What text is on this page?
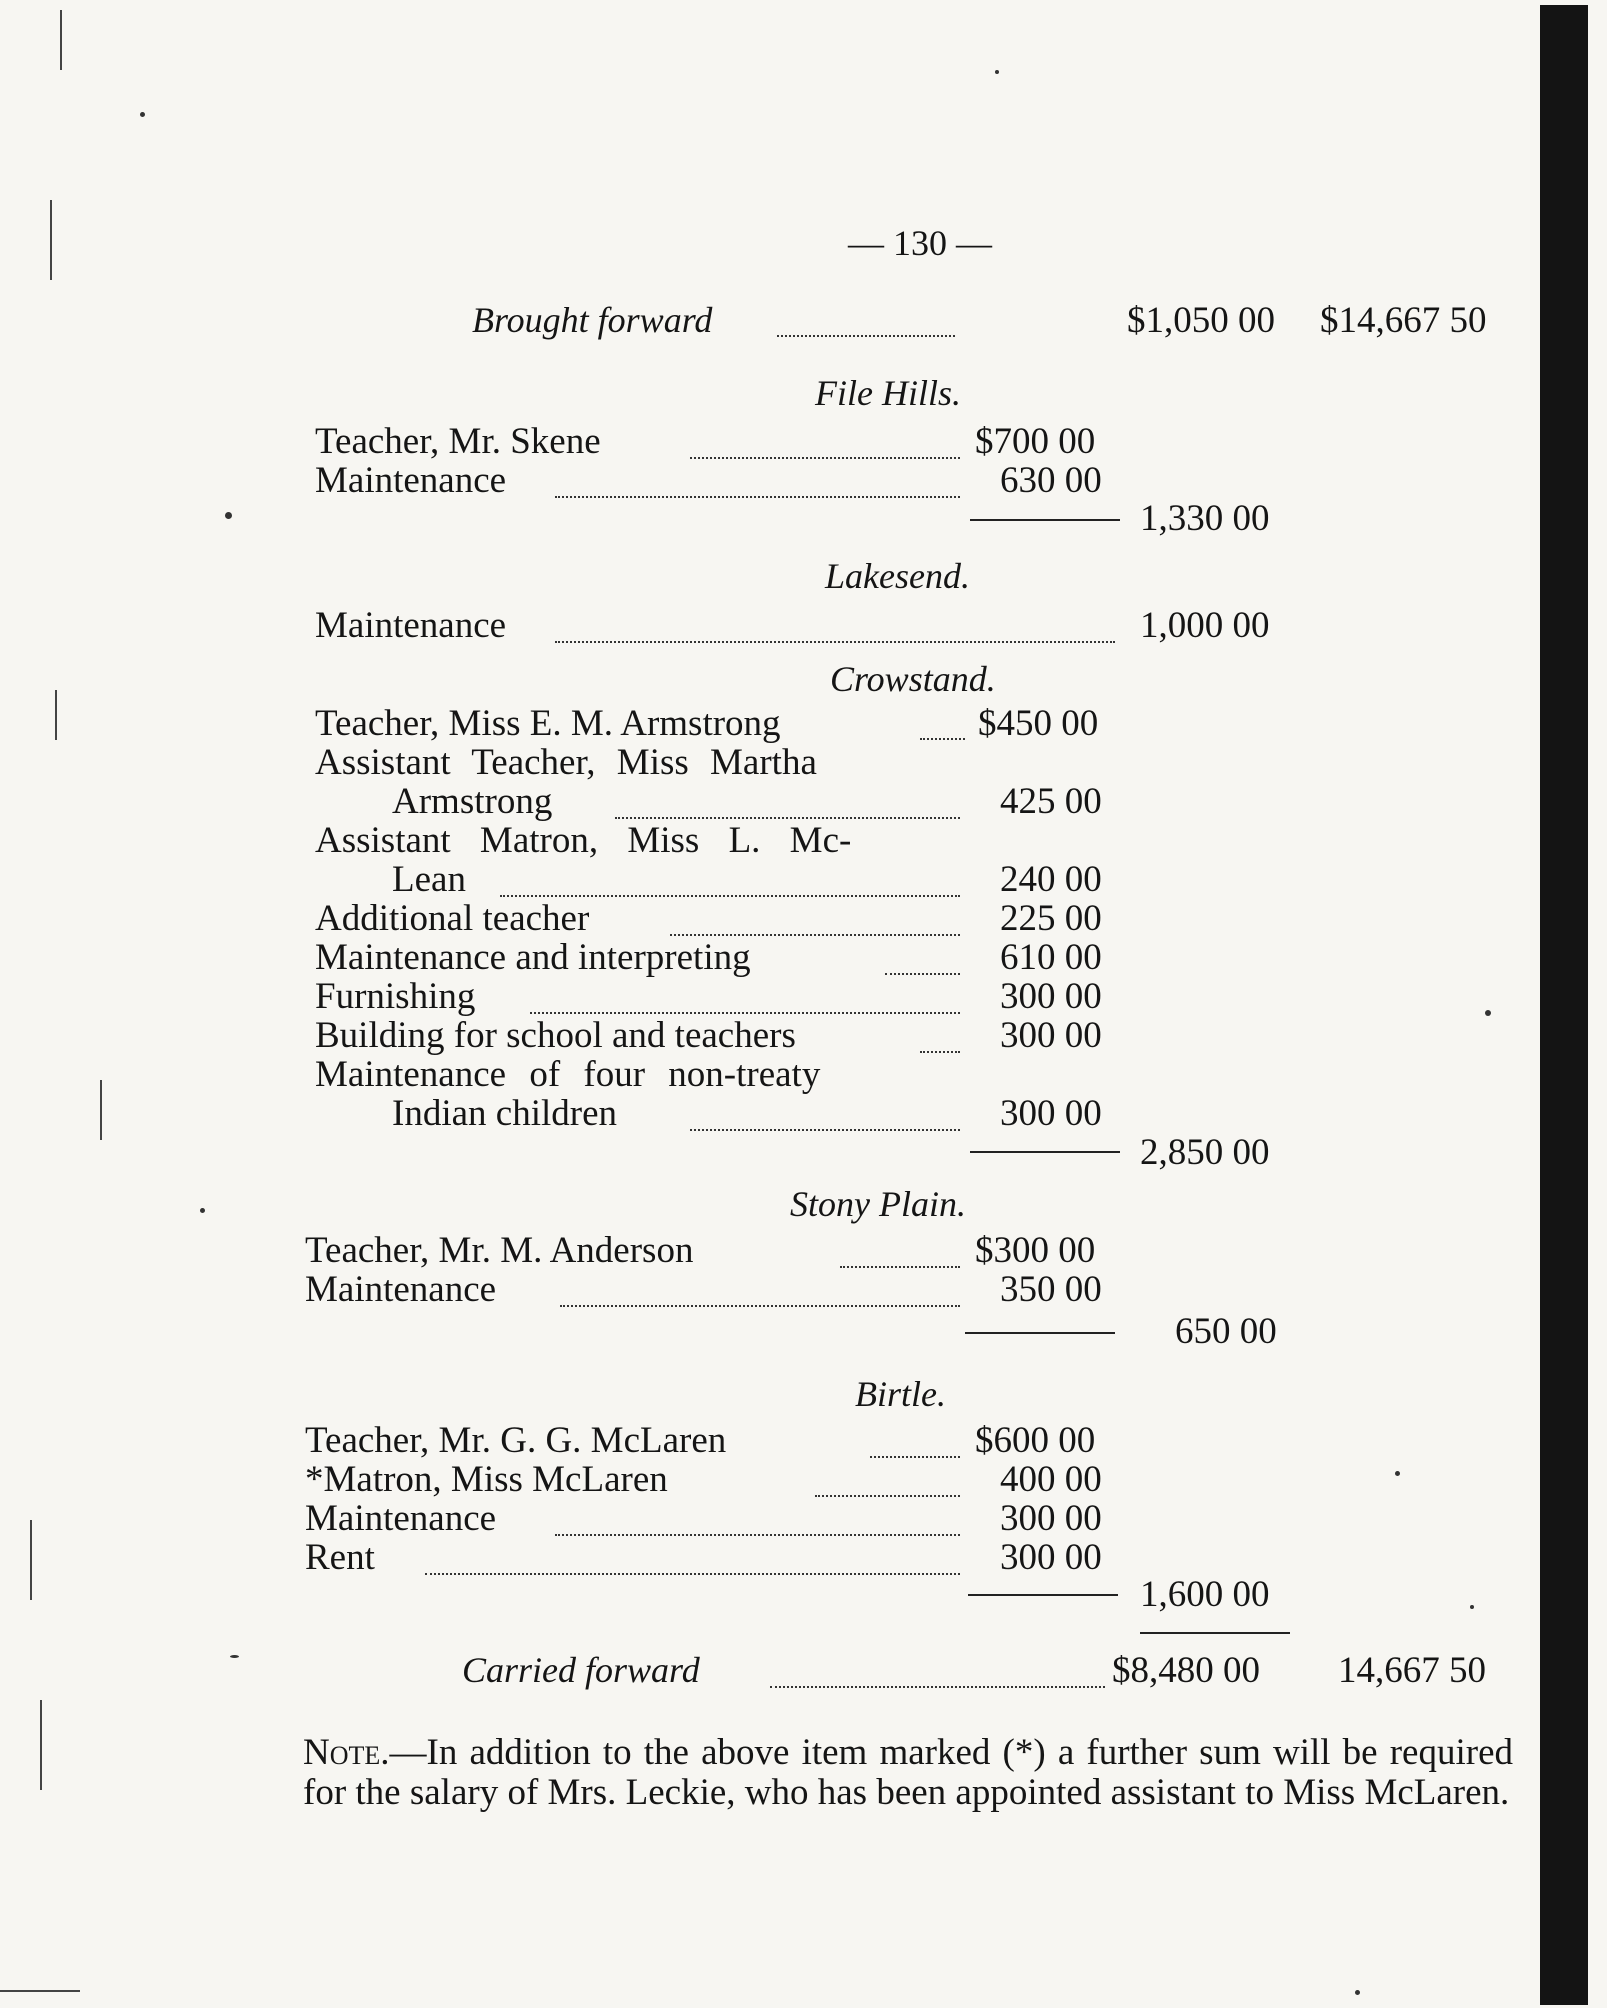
— 130 —
Brought forward	$1,050 00 $14,667 50
File Hills.
Teacher, Mr. Skene	$700 00
Maintenance	630 00
1,330 00
Lakesend.
Maintenance	1,000 00
Crowstand.
Teacher, Miss E. M. Armstrong	$450 00
Assistant Teacher, Miss Martha
Armstrong	425 00
Assistant Matron, Miss L. Mc-
Lean	240 00
Additional teacher	225 00
Maintenance and interpreting	610 00
Furnishing	300 00
Building for school and teachers	300 00
Maintenance of four non-treaty
Indian children	300 00
2,850 00
Stony Plain.
Teacher, Mr. M. Anderson	$300 00
Maintenance	350 00
650 00
Birtle.
Teacher, Mr. G. G. McLaren	$600 00
*Matron, Miss McLaren	400 00
Maintenance	300 00
Rent	300 00
1,600 00
Carried forward	$8,480 00 14,667 50
Note.—In addition to the above item marked (*) a further sum will be required for the salary of Mrs. Leckie, who has been appointed assistant to Miss McLaren.
